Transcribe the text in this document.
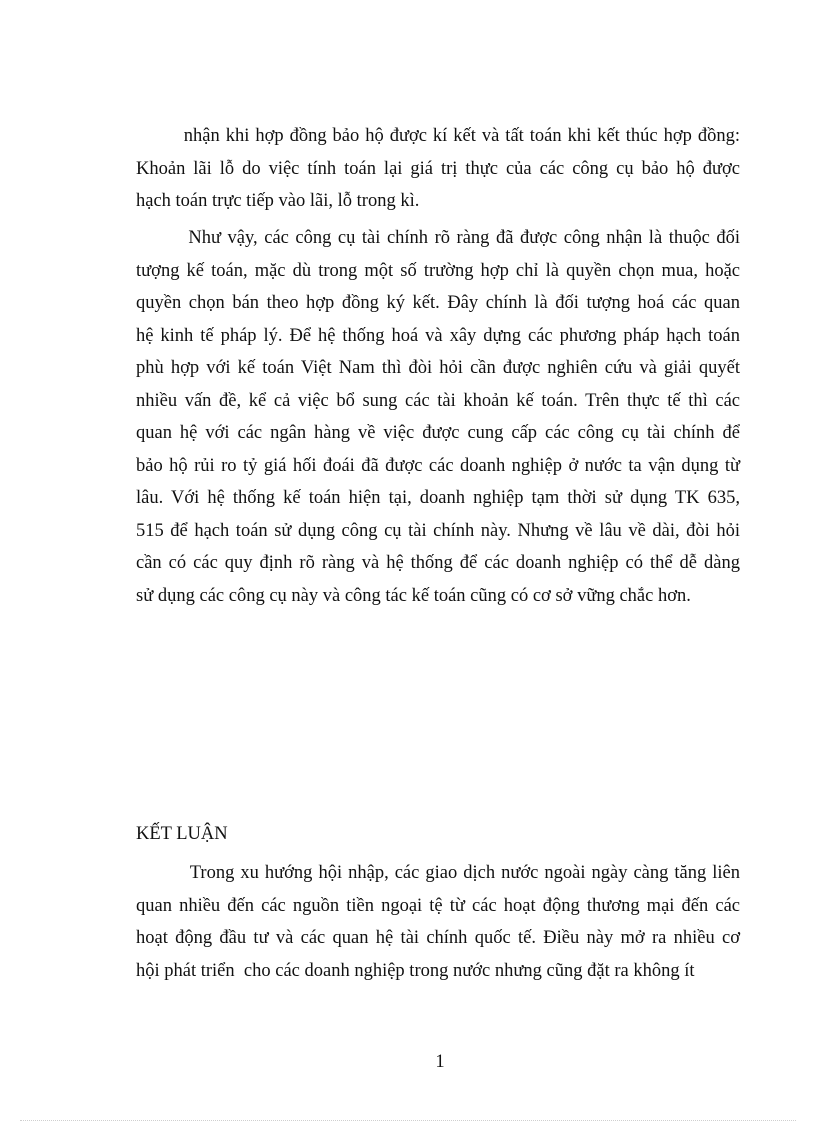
nhận khi hợp đồng bảo hộ được kí kết và tất toán khi kết thúc hợp đồng:
Khoản lãi lỗ do việc tính toán lại giá trị thực của các công cụ bảo hộ được
hạch toán trực tiếp vào lãi, lỗ trong kì.
Như vậy, các công cụ tài chính rõ ràng đã được công nhận là thuộc đối
tượng kế toán, mặc dù trong một số trường hợp chỉ là quyền chọn mua, hoặc
quyền chọn bán theo hợp đồng ký kết. Đây chính là đối tượng hoá các quan
hệ kinh tế pháp lý. Để hệ thống hoá và xây dựng các phương pháp hạch toán
phù hợp với kế toán Việt Nam thì đòi hỏi cần được nghiên cứu và giải quyết
nhiều vấn đề, kể cả việc bổ sung các tài khoản kế toán. Trên thực tế thì các
quan hệ với các ngân hàng về việc được cung cấp các công cụ tài chính để
bảo hộ rủi ro tỷ giá hối đoái đã được các doanh nghiệp ở nước ta vận dụng từ
lâu. Với hệ thống kế toán hiện tại, doanh nghiệp tạm thời sử dụng TK 635,
515 để hạch toán sử dụng công cụ tài chính này. Nhưng về lâu về dài, đòi hỏi
cần có các quy định rõ ràng và hệ thống để các doanh nghiệp có thể dễ dàng
sử dụng các công cụ này và công tác kế toán cũng có cơ sở vững chắc hơn.
KẾT LUẬN
Trong xu hướng hội nhập, các giao dịch nước ngoài ngày càng tăng liên
quan nhiều đến các nguồn tiền ngoại tệ từ các hoạt động thương mại đến các
hoạt động đầu tư và các quan hệ tài chính quốc tế. Điều này mở ra nhiều cơ
hội phát triển  cho các doanh nghiệp trong nước nhưng cũng đặt ra không ít
1
